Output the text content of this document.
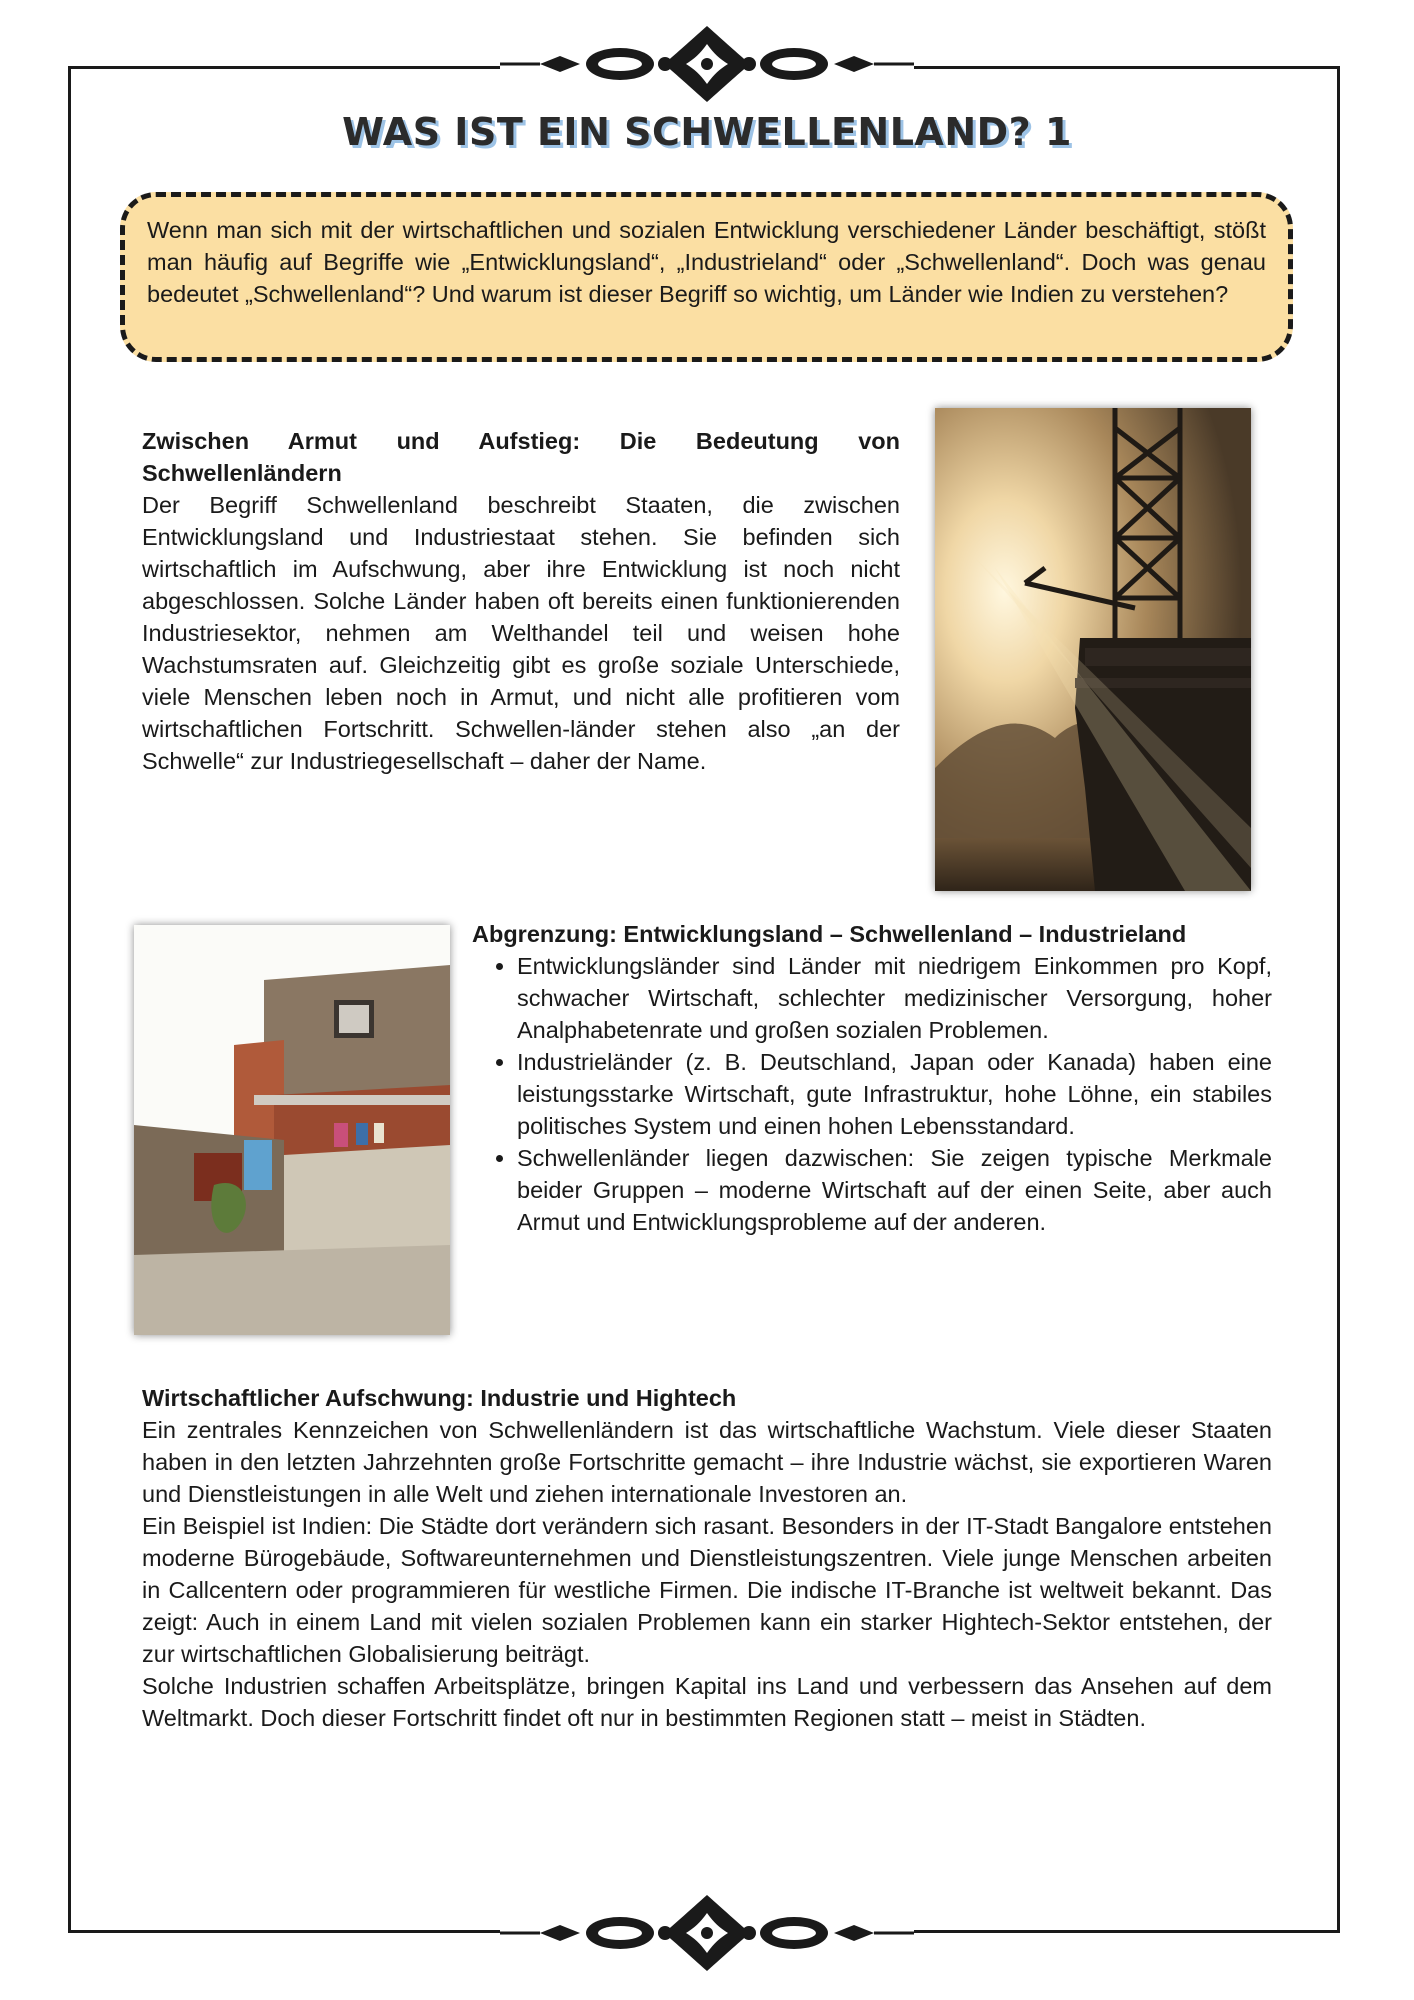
WAS IST EIN SCHWELLENLAND? 1
Wenn man sich mit der wirtschaftlichen und sozialen Entwicklung verschiedener Länder beschäftigt, stößt man häufig auf Begriffe wie „Entwicklungsland“, „Industrieland“ oder „Schwellenland“. Doch was genau bedeutet „Schwellenland“? Und warum ist dieser Begriff so wichtig, um Länder wie Indien zu verstehen?
Zwischen Armut und Aufstieg: Die Bedeutung von Schwellenländern
Der Begriff Schwellenland beschreibt Staaten, die zwischen Entwicklungsland und Industriestaat stehen. Sie befinden sich wirtschaftlich im Aufschwung, aber ihre Entwicklung ist noch nicht abgeschlossen. Solche Länder haben oft bereits einen funktionierenden Industriesektor, nehmen am Welthandel teil und weisen hohe Wachstumsraten auf. Gleichzeitig gibt es große soziale Unterschiede, viele Menschen leben noch in Armut, und nicht alle profitieren vom wirtschaftlichen Fortschritt. Schwellen-länder stehen also „an der Schwelle“ zur Industriegesellschaft – daher der Name.
Abgrenzung: Entwicklungsland – Schwellenland – Industrieland
• Entwicklungsländer sind Länder mit niedrigem Einkommen pro Kopf, schwacher Wirtschaft, schlechter medizinischer Versorgung, hoher Analphabetenrate und großen sozialen Problemen.
• Industrieländer (z. B. Deutschland, Japan oder Kanada) haben eine leistungsstarke Wirtschaft, gute Infrastruktur, hohe Löhne, ein stabiles politisches System und einen hohen Lebensstandard.
• Schwellenländer liegen dazwischen: Sie zeigen typische Merkmale beider Gruppen – moderne Wirtschaft auf der einen Seite, aber auch Armut und Entwicklungsprobleme auf der anderen.
Wirtschaftlicher Aufschwung: Industrie und Hightech

Ein zentrales Kennzeichen von Schwellenländern ist das wirtschaftliche Wachstum. Viele dieser Staaten haben in den letzten Jahrzehnten große Fortschritte gemacht – ihre Industrie wächst, sie exportieren Waren und Dienstleistungen in alle Welt und ziehen internationale Investoren an.

Ein Beispiel ist Indien: Die Städte dort verändern sich rasant. Besonders in der IT-Stadt Bangalore entstehen moderne Bürogebäude, Softwareunternehmen und Dienstleistungszentren. Viele junge Menschen arbeiten in Callcentern oder programmieren für westliche Firmen. Die indische IT-Branche ist weltweit bekannt. Das zeigt: Auch in einem Land mit vielen sozialen Problemen kann ein starker Hightech-Sektor entstehen, der zur wirtschaftlichen Globalisierung beiträgt.

Solche Industrien schaffen Arbeitsplätze, bringen Kapital ins Land und verbessern das Ansehen auf dem Weltmarkt. Doch dieser Fortschritt findet oft nur in bestimmten Regionen statt – meist in Städten.
